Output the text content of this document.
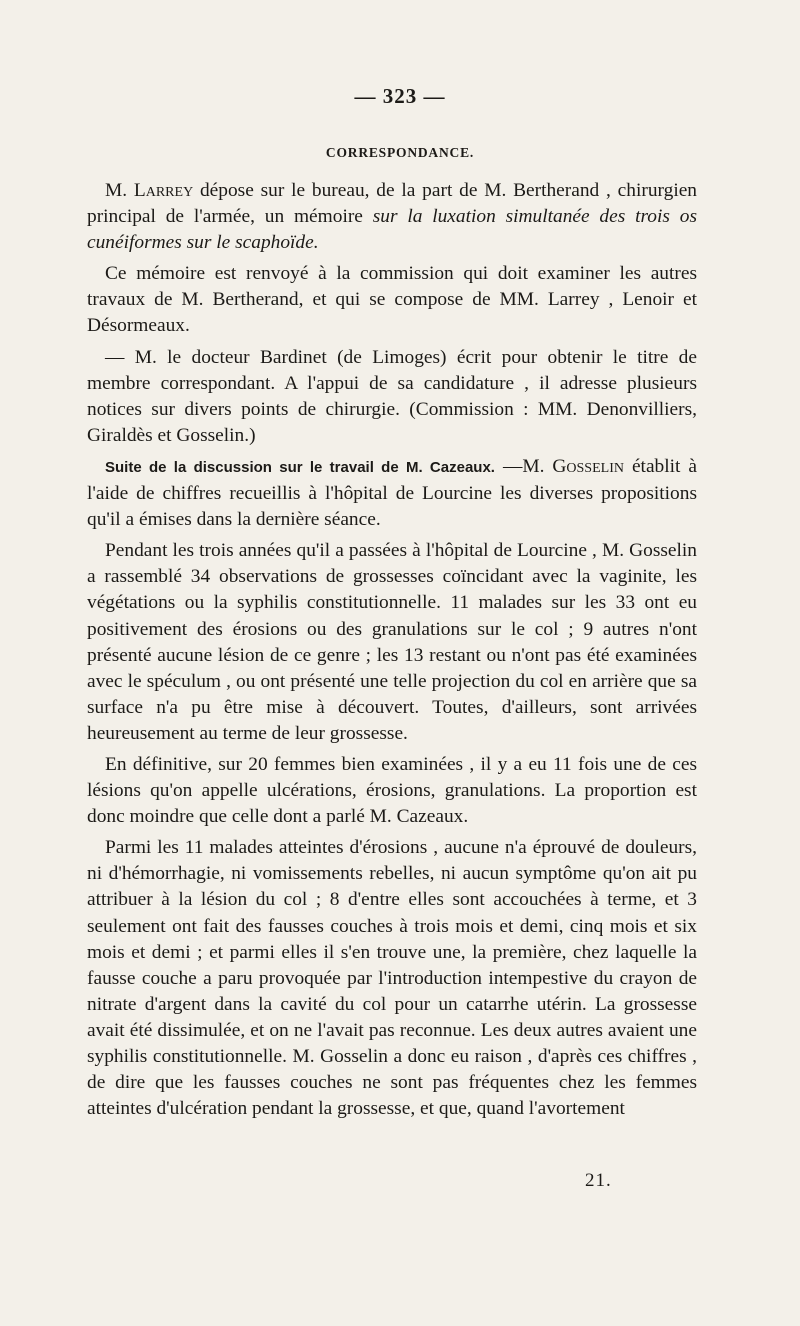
— 323 —
CORRESPONDANCE.

M. Larrey dépose sur le bureau, de la part de M. Bertherand , chirurgien principal de l'armée, un mémoire sur la luxation simultanée des trois os cunéiformes sur le scaphoïde.

Ce mémoire est renvoyé à la commission qui doit examiner les autres travaux de M. Bertherand, et qui se compose de MM. Larrey , Lenoir et Désormeaux.

— M. le docteur Bardinet (de Limoges) écrit pour obtenir le titre de membre correspondant. A l'appui de sa candidature , il adresse plusieurs notices sur divers points de chirurgie. (Commission : MM. Denonvilliers, Giraldès et Gosselin.)

Suite de la discussion sur le travail de M. Cazeaux. —M. Gosselin établit à l'aide de chiffres recueillis à l'hôpital de Lourcine les diverses propositions qu'il a émises dans la dernière séance.

Pendant les trois années qu'il a passées à l'hôpital de Lourcine , M. Gosselin a rassemblé 34 observations de grossesses coïncidant avec la vaginite, les végétations ou la syphilis constitutionnelle. 11 malades sur les 33 ont eu positivement des érosions ou des granulations sur le col ; 9 autres n'ont présenté aucune lésion de ce genre ; les 13 restant ou n'ont pas été examinées avec le spéculum , ou ont présenté une telle projection du col en arrière que sa surface n'a pu être mise à découvert. Toutes, d'ailleurs, sont arrivées heureusement au terme de leur grossesse.

En définitive, sur 20 femmes bien examinées , il y a eu 11 fois une de ces lésions qu'on appelle ulcérations, érosions, granulations. La proportion est donc moindre que celle dont a parlé M. Cazeaux.

Parmi les 11 malades atteintes d'érosions , aucune n'a éprouvé de douleurs, ni d'hémorrhagie, ni vomissements rebelles, ni aucun symptôme qu'on ait pu attribuer à la lésion du col ; 8 d'entre elles sont accouchées à terme, et 3 seulement ont fait des fausses couches à trois mois et demi, cinq mois et six mois et demi ; et parmi elles il s'en trouve une, la première, chez laquelle la fausse couche a paru provoquée par l'introduction intempestive du crayon de nitrate d'argent dans la cavité du col pour un catarrhe utérin. La grossesse avait été dissimulée, et on ne l'avait pas reconnue. Les deux autres avaient une syphilis constitutionnelle. M. Gosselin a donc eu raison , d'après ces chiffres , de dire que les fausses couches ne sont pas fréquentes chez les femmes atteintes d'ulcération pendant la grossesse, et que, quand l'avortement

21.
